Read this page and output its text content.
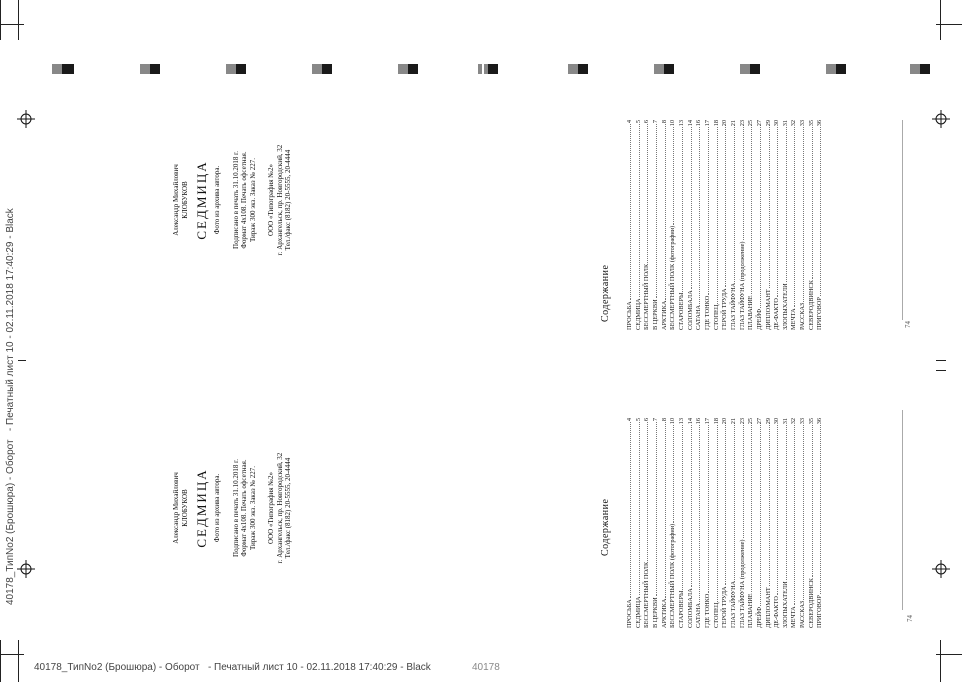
40178_ТипNo2 (Брошюра) - Оборот   - Печатный лист 10 - 02.11.2018 17:40:29 - Black
40178_ТипNo2 (Брошюра) - Оборот - Печатный лист 10 - 02.11.2018 17:40:29 - Black	40178
Александр Михайлович КЛОБУКОВ СЕДМИЦА Фото из архива автора. Подписано в печать 31.10.2018 г. Формат 4х108. Печать офсетная. Тираж 300 экз. Заказ № 227. ООО «Типография №2» г. Архангельск, пр. Новгородский, 32 Тел./факс (8182) 20-5555, 20-4444
Содержание ПРОСЬБА
4
СЕДМИЦА
5
БЕССМЕРТНЫЙ ПОЛК
6
В ЦЕРКВИ
7
АРКТИКА
8
БЕССМЕРТНЫЙ ПОЛК (фотографии)
10
СТАРОВЕРЫ
13
СОЛОМБАЛА
14
САТАНА
16
ГДЕ ТОНКО
17
СТОПЕЦ
18
ГЕРОЙ ТРУДА
20
ГЛАЗ ТАЙФУНА
21
ГЛАЗ ТАЙФУНА (продолжение)
23
ПЛАВАНИЕ
25
ДРЕЙФ
27
ДИПЛОМАНТ
29
ДЕ-ФАКТО
30
ЗЛОПЫХАТЕЛИ
31
МЕЧТА
32
РАССКАЗ
33
СЕВЕРОДВИНСК
35
ПРИГОВОР
36
74
Александр Михайлович КЛОБУКОВ СЕДМИЦА Фото из архива автора. Подписано в печать 31.10.2018 г. Формат 4х108. Печать офсетная. Тираж 300 экз. Заказ № 227. ООО «Типография №2» г. Архангельск, пр. Новгородский, 32 Тел./факс (8182) 20-5555, 20-4444	Содержание
ПРОСЬБА
4
СЕДМИЦА
5
БЕССМЕРТНЫЙ ПОЛК
6
В ЦЕРКВИ
7
АРКТИКА
8
БЕССМЕРТНЫЙ ПОЛК (фотографии)
10
СТАРОВЕРЫ
13
СОЛОМБАЛА
14
САТАНА
16
ГДЕ ТОНКО
17
СТОПЕЦ
18
ГЕРОЙ ТРУДА
20
ГЛАЗ ТАЙФУНА
21
ГЛАЗ ТАЙФУНА (продолжение)
23
ПЛАВАНИЕ
25
ДРЕЙФ
27
ДИПЛОМАНТ
29
ДЕ-ФАКТО
30
ЗЛОПЫХАТЕЛИ
31
МЕЧТА
32
РАССКАЗ
33
СЕВЕРОДВИНСК
35
ПРИГОВОР
36
74
